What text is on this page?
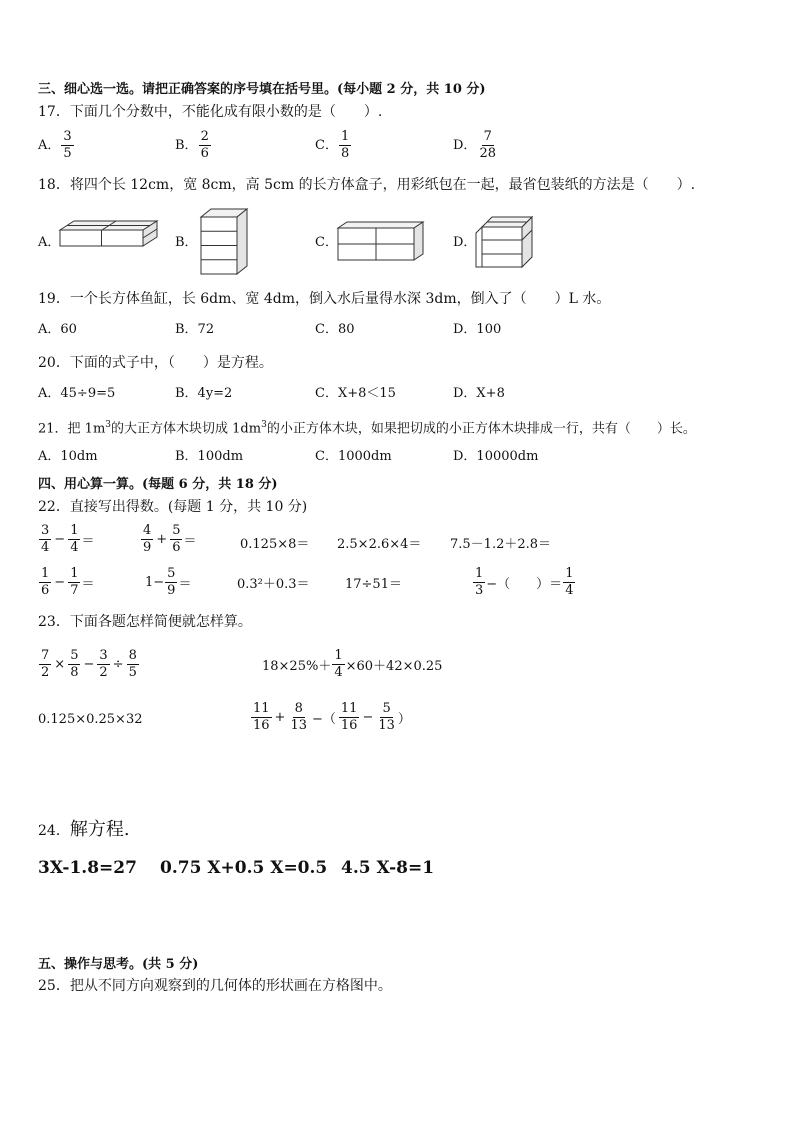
三、细心选一选。请把正确答案的序号填在括号里。(每小题 2 分，共 10 分)
17．下面几个分数中，不能化成有限小数的是（　　）.
A． $\frac{3}{5}$	B． $\frac{2}{6}$	C． $\frac{1}{8}$	D． $\frac{7}{28}$
18．将四个长 12cm，宽 8cm，高 5cm 的长方体盒子，用彩纸包在一起，最省包装纸的方法是（　　）.
A．	B．	C．	D．
19．一个长方体鱼缸，长 6dm、宽 4dm，倒入水后量得水深 3dm，倒入了（　　）L 水。
A．60	B．72	C．80	D．100
20．下面的式子中，（　　）是方程。
A．45÷9=5	B．4y=2	C．X+8＜15	D．X+8
21．把 $1m^3$的大正方体木块切成 $1dm^3$的小正方体木块，如果把切成的小正方体木块排成一行，共有（　　）长。
A．10dm	B．100dm	C．1000dm	D．10000dm
四、用心算一算。(每题 6 分，共 18 分)
22．直接写出得数。(每题 1 分，共 10 分)
$\frac{3}{4} - \frac{1}{4}$ ＝	$\frac{4}{9} + \frac{5}{6}$ ＝	0.125×8＝ 2.5×2.6×4＝ 7.5－1.2＋2.8＝
$\frac{1}{6} - \frac{1}{7}$ ＝	$1- \frac{5}{9}$ ＝	0.3²＋0.3＝	17÷51＝	$\frac{1}{3}$ −（　　）＝ $\frac{1}{4}$
23．下面各题怎样简便就怎样算。
$\frac{7}{2} \times \frac{5}{8} - \frac{3}{2} \div \frac{8}{5}$	$18\times 25\%+ \frac{1}{4} \times 60+42\times 0.25$
0.125×0.25×32	$\frac{11}{16} + \frac{8}{13}$ −（ $\frac{11}{16} - \frac{5}{13}$ ）
24．解方程.
3X-1.8=27 0.75 X+0.5 X=0.5 4.5 X-8=1
五、操作与思考。(共 5 分)
25．把从不同方向观察到的几何体的形状画在方格图中。
